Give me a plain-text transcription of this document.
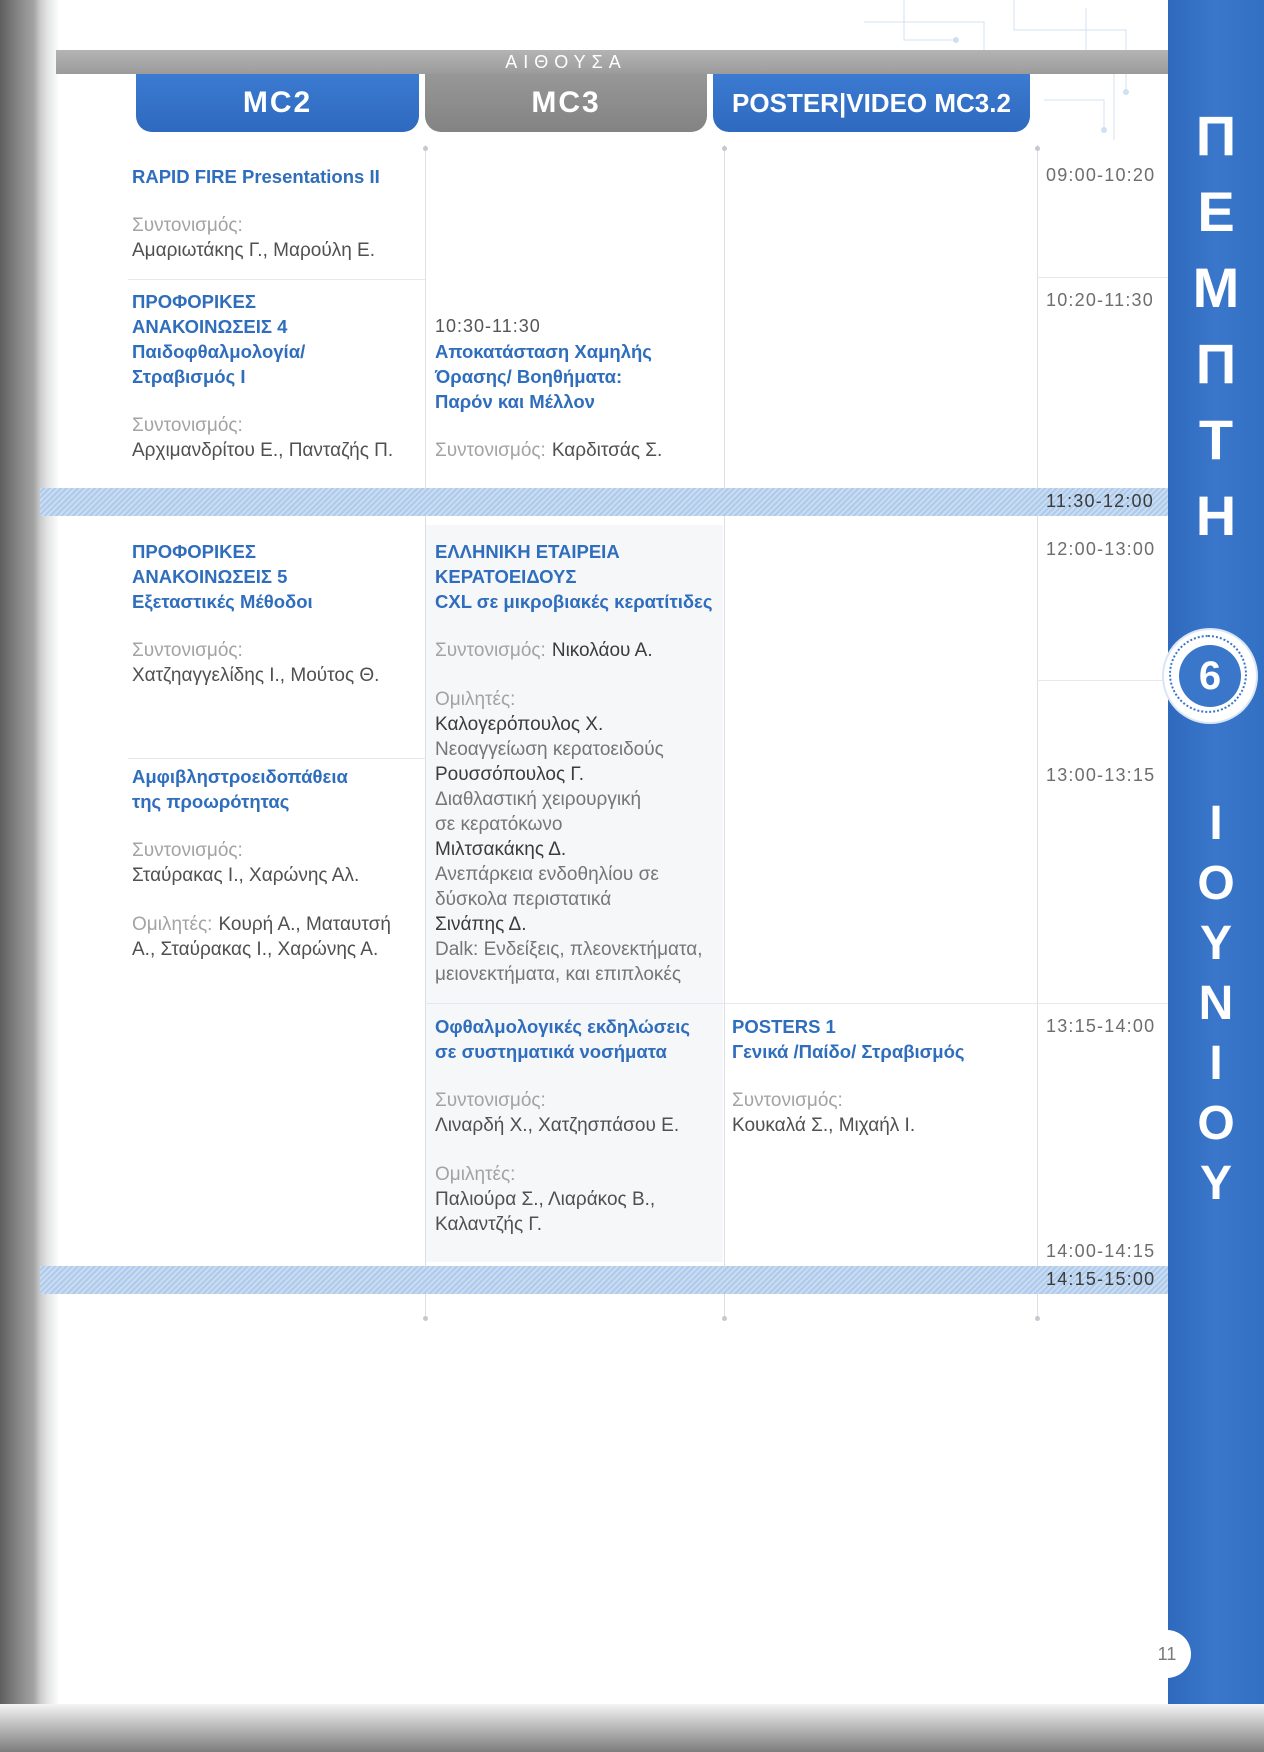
ΑΙΘΟΥΣΑ
MC2	MC3	POSTER|VIDEO MC3.2
RAPID FIRE Presentations II
Συντονισμός:
Αμαριωτάκης Γ., Μαρούλη Ε.
ΠΡΟΦΟΡΙΚΕΣ
ΑΝΑΚΟΙΝΩΣΕΙΣ 4
Παιδοφθαλμολογία/
Στραβισμός Ι
Συντονισμός:
Αρχιμανδρίτου Ε., Πανταζής Π.
ΠΡΟΦΟΡΙΚΕΣ
ΑΝΑΚΟΙΝΩΣΕΙΣ 5
Εξεταστικές Μέθοδοι
Συντονισμός:
Χατζηαγγελίδης Ι., Μούτος Θ.
Αμφιβληστροειδοπάθεια
της προωρότητας
Συντονισμός:
Σταύρακας Ι., Χαρώνης Αλ.
Ομιλητές: Κουρή Α., Ματαυτσή
Α., Σταύρακας Ι., Χαρώνης Α.
10:30-11:30
Αποκατάσταση Χαμηλής
Όρασης/ Βοηθήματα:
Παρόν και Μέλλον
Συντονισμός: Καρδιτσάς Σ.
ΕΛΛΗΝΙΚΗ ΕΤΑΙΡΕΙΑ
ΚΕΡΑΤΟΕΙΔΟΥΣ
CXL σε μικροβιακές κερατίτιδες
Συντονισμός: Νικολάου Α.
Ομιλητές:
Καλογερόπουλος Χ.
Νεοαγγείωση κερατοειδούς
Ρουσσόπουλος Γ.
Διαθλαστική χειρουργική
σε κερατόκωνο
Μιλτσακάκης Δ.
Ανεπάρκεια ενδοθηλίου σε
δύσκολα περιστατικά
Σινάπης Δ.
Dalk: Ενδείξεις, πλεονεκτήματα,
μειονεκτήματα, και επιπλοκές
Οφθαλμολογικές εκδηλώσεις
σε συστηματικά νοσήματα
Συντονισμός:
Λιναρδή Χ., Χατζησπάσου Ε.
Ομιλητές:
Παλιούρα Σ., Λιαράκος Β.,
Καλαντζής Γ.
POSTERS 1
Γενικά /Παίδο/ Στραβισμός
Συντονισμός:
Κουκαλά Σ., Μιχαήλ Ι.
09:00-10:20
10:20-11:30
11:30-12:00
12:00-13:00
13:00-13:15
13:15-14:00
14:00-14:15
14:15-15:00
Π
Ε
Μ
Π
Τ
Η
6
Ι
Ο
Υ
Ν
Ι
Ο
Υ
11
